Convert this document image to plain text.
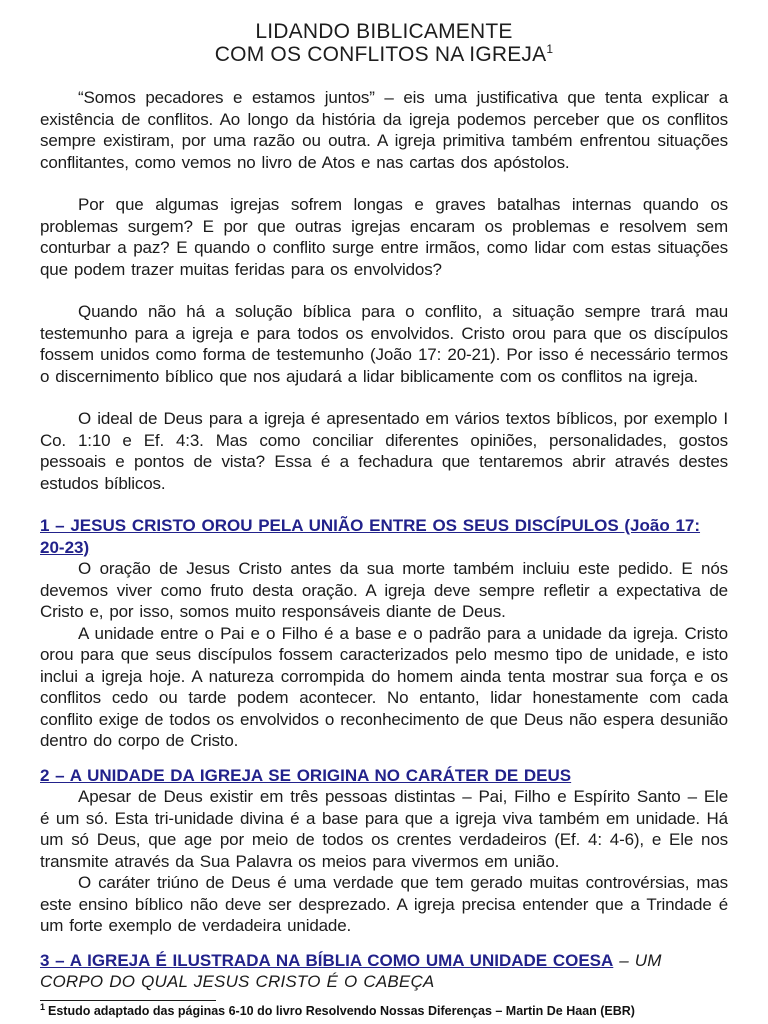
LIDANDO BIBLICAMENTE
COM OS CONFLITOS NA IGREJA$^1$

“Somos pecadores e estamos juntos” – eis uma justificativa que tenta explicar a existência de conflitos. Ao longo da história da igreja podemos perceber que os conflitos sempre existiram, por uma razão ou outra. A igreja primitiva também enfrentou situações conflitantes, como vemos no livro de Atos e nas cartas dos apóstolos.

Por que algumas igrejas sofrem longas e graves batalhas internas quando os problemas surgem? E por que outras igrejas encaram os problemas e resolvem sem conturbar a paz? E quando o conflito surge entre irmãos, como lidar com estas situações que podem trazer muitas feridas para os envolvidos?

Quando não há a solução bíblica para o conflito, a situação sempre trará mau testemunho para a igreja e para todos os envolvidos. Cristo orou para que os discípulos fossem unidos como forma de testemunho (João 17: 20-21). Por isso é necessário termos o discernimento bíblico que nos ajudará a lidar biblicamente com os conflitos na igreja.

O ideal de Deus para a igreja é apresentado em vários textos bíblicos, por exemplo I Co. 1:10 e Ef. 4:3. Mas como conciliar diferentes opiniões, personalidades, gostos pessoais e pontos de vista? Essa é a fechadura que tentaremos abrir através destes estudos bíblicos.

1 – JESUS CRISTO OROU PELA UNIÃO ENTRE OS SEUS DISCÍPULOS (João 17: 20-23)

O oração de Jesus Cristo antes da sua morte também incluiu este pedido. E nós devemos viver como fruto desta oração. A igreja deve sempre refletir a expectativa de Cristo e, por isso, somos muito responsáveis diante de Deus.

A unidade entre o Pai e o Filho é a base e o padrão para a unidade da igreja. Cristo orou para que seus discípulos fossem caracterizados pelo mesmo tipo de unidade, e isto inclui a igreja hoje. A natureza corrompida do homem ainda tenta mostrar sua força e os conflitos cedo ou tarde podem acontecer. No entanto, lidar honestamente com cada conflito exige de todos os envolvidos o reconhecimento de que Deus não espera desunião dentro do corpo de Cristo.

2 – A UNIDADE DA IGREJA SE ORIGINA NO CARÁTER DE DEUS

Apesar de Deus existir em três pessoas distintas – Pai, Filho e Espírito Santo – Ele é um só. Esta tri-unidade divina é a base para que a igreja viva também em unidade. Há um só Deus, que age por meio de todos os crentes verdadeiros (Ef. 4: 4-6), e Ele nos transmite através da Sua Palavra os meios para vivermos em união.

O caráter triúno de Deus é uma verdade que tem gerado muitas controvérsias, mas este ensino bíblico não deve ser desprezado. A igreja precisa entender que a Trindade é um forte exemplo de verdadeira unidade.

3 – A IGREJA É ILUSTRADA NA BÍBLIA COMO UMA UNIDADE COESA – UM CORPO DO QUAL JESUS CRISTO É O CABEÇA

$^1$ Estudo adaptado das páginas 6-10 do livro Resolvendo Nossas Diferenças – Martin De Haan (EBR)
